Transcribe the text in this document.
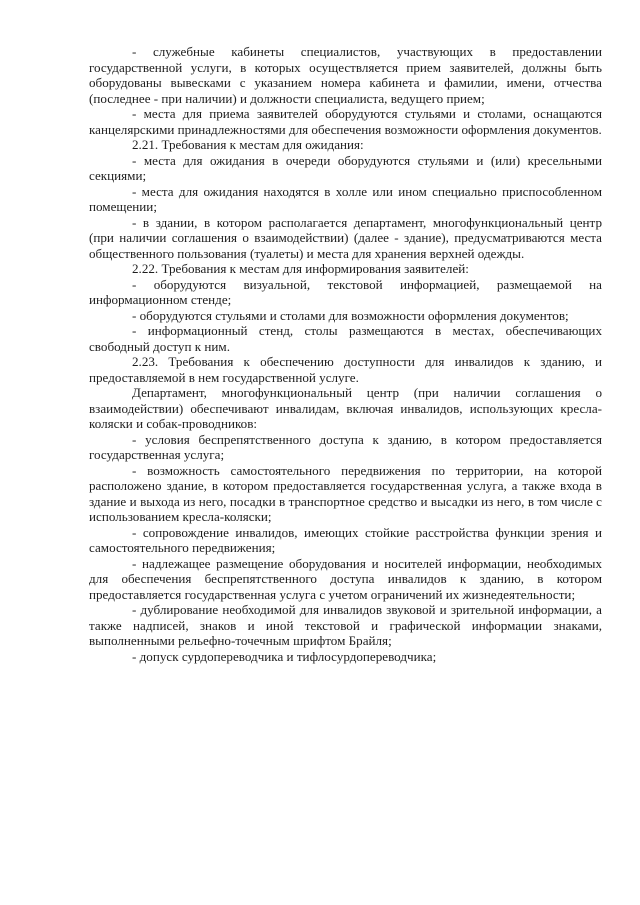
- служебные кабинеты специалистов, участвующих в предоставлении государственной услуги, в которых осуществляется прием заявителей, должны быть оборудованы вывесками с указанием номера кабинета и фамилии, имени, отчества (последнее - при наличии) и должности специалиста, ведущего прием;

- места для приема заявителей оборудуются стульями и столами, оснащаются канцелярскими принадлежностями для обеспечения возможности оформления документов.

2.21. Требования к местам для ожидания:

- места для ожидания в очереди оборудуются стульями и (или) кресельными секциями;

- места для ожидания находятся в холле или ином специально приспособленном помещении;

- в здании, в котором располагается департамент, многофункциональный центр (при наличии соглашения о взаимодействии) (далее - здание), предусматриваются места общественного пользования (туалеты) и места для хранения верхней одежды.

2.22. Требования к местам для информирования заявителей:

- оборудуются визуальной, текстовой информацией, размещаемой на информационном стенде;

- оборудуются стульями и столами для возможности оформления документов;

- информационный стенд, столы размещаются в местах, обеспечивающих свободный доступ к ним.

2.23. Требования к обеспечению доступности для инвалидов к зданию, и предоставляемой в нем государственной услуге.

Департамент, многофункциональный центр (при наличии соглашения о взаимодействии) обеспечивают инвалидам, включая инвалидов, использующих кресла-коляски и собак-проводников:

- условия беспрепятственного доступа к зданию, в котором предоставляется государственная услуга;

- возможность самостоятельного передвижения по территории, на которой расположено здание, в котором предоставляется государственная услуга, а также входа в здание и выхода из него, посадки в транспортное средство и высадки из него, в том числе с использованием кресла-коляски;

- сопровождение инвалидов, имеющих стойкие расстройства функции зрения и самостоятельного передвижения;

- надлежащее размещение оборудования и носителей информации, необходимых для обеспечения беспрепятственного доступа инвалидов к зданию, в котором предоставляется государственная услуга с учетом ограничений их жизнедеятельности;

- дублирование необходимой для инвалидов звуковой и зрительной информации, а также надписей, знаков и иной текстовой и графической информации знаками, выполненными рельефно-точечным шрифтом Брайля;

- допуск сурдопереводчика и тифлосурдопереводчика;
